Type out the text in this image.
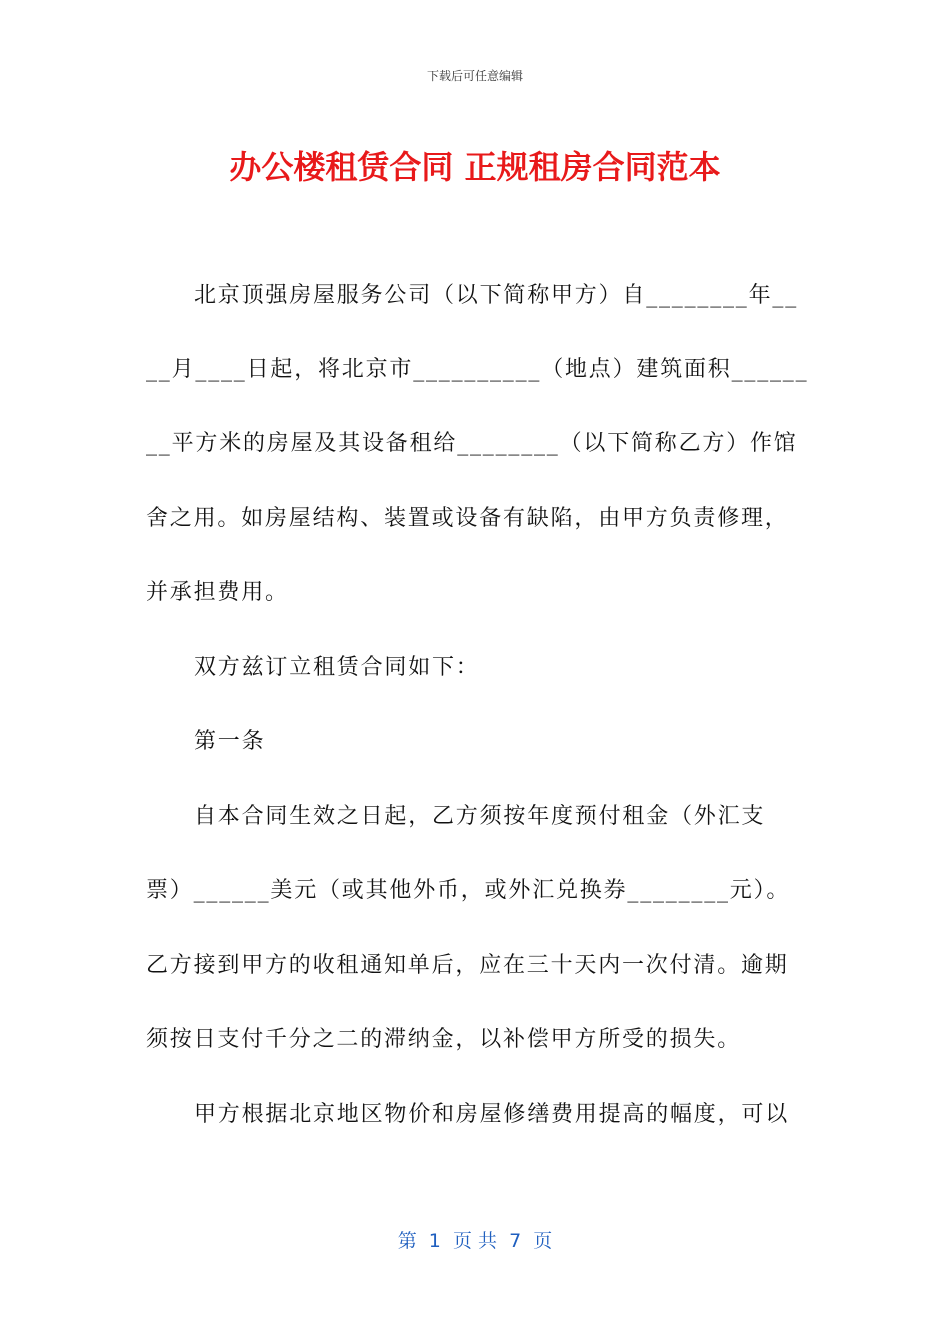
下载后可任意编辑
办公楼租赁合同 正规租房合同范本
北京顶强房屋服务公司（以下简称甲方）自________年__
__月____日起，将北京市__________（地点）建筑面积______
__平方米的房屋及其设备租给________（以下简称乙方）作馆
舍之用。如房屋结构、装置或设备有缺陷，由甲方负责修理，
并承担费用。
双方兹订立租赁合同如下：
第一条
自本合同生效之日起，乙方须按年度预付租金（外汇支
票）______美元（或其他外币，或外汇兑换券________元）。
乙方接到甲方的收租通知单后，应在三十天内一次付清。逾期
须按日支付千分之二的滞纳金，以补偿甲方所受的损失。
甲方根据北京地区物价和房屋修缮费用提高的幅度，可以
第  1  页 共  7  页
